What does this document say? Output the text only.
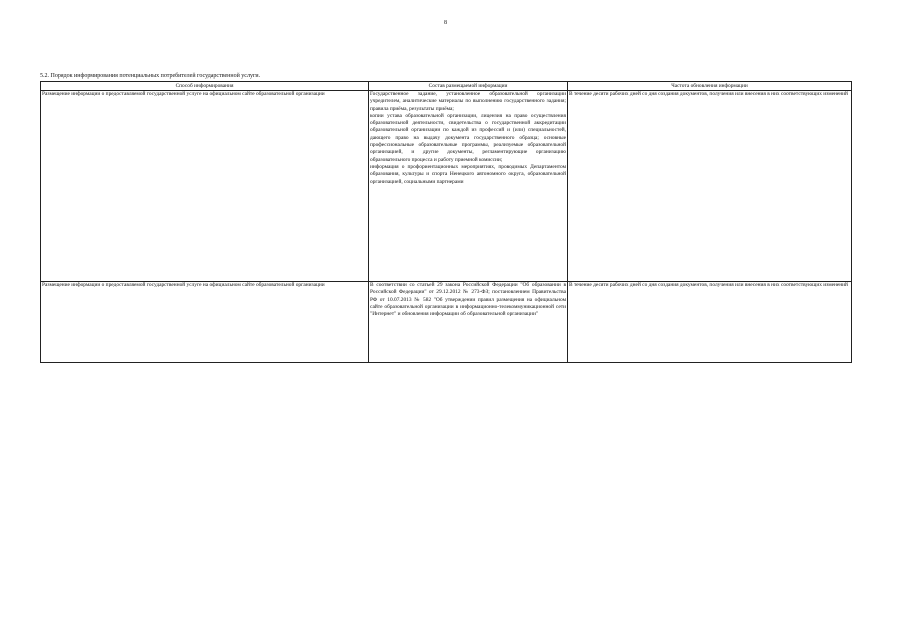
8
5.2. Порядок информирования потенциальных потребителей государственной услуги.
Способ информирования	Состав размещаемой информации	Частота обновления информации
Размещение информации о предоставляемой государственной услуге на официальном сайте образовательной организации	Государственное задание, установленное образовательной организации учредителем, аналитические материалы по выполнению государственного задания; правила приёма, результаты приёма;
копии устава образовательной организации, лицензия на право осуществления образовательной деятельности, свидетельства о государственной аккредитации образовательной организации по каждой из профессий и (или) специальностей, дающего право на выдачу документа государственного образца; основные профессиональные образовательные программы, реализуемые образовательной организацией, и другие документы, регламентирующие организацию образовательного процесса и работу приемной комиссии;
информация о профориентационных мероприятиях, проводимых Департаментом образования, культуры и спорта Ненецкого автономного округа, образовательной организацией, социальными партнерами	В течение десяти рабочих дней со дня создания документов, получения или внесения в них соответствующих изменений
Размещение информации о предоставляемой государственной услуге на официальном сайте образовательной организации	В соответствии со статьей 29 закона Российской Федерации "Об образовании в Российской Федерации" от 29.12.2012 № 273-ФЗ; постановлением Правительства РФ от 10.07.2013 № 582 "Об утверждении правил размещения на официальном сайте образовательной организации в информационно-телекоммуникационной сети "Интернет" и обновления информации об образовательной организации"	В течение десяти рабочих дней со дня создания документов, получения или внесения в них соответствующих изменений
